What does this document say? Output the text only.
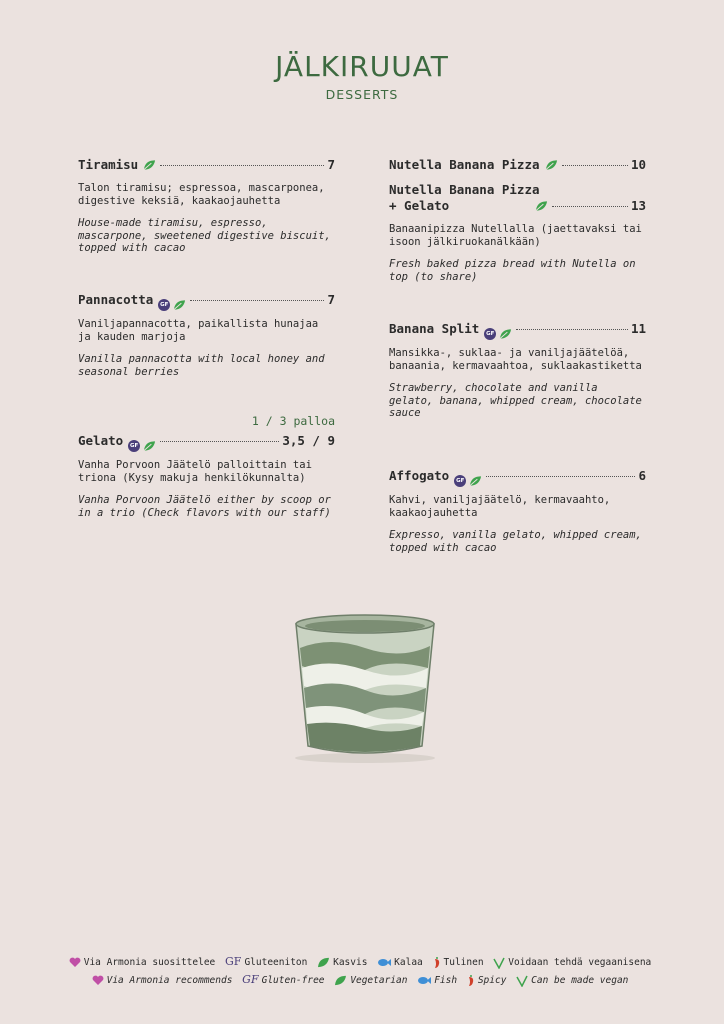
JÄLKIRUUAT
DESSERTS
Tiramisu	7
Talon tiramisu; espressoa, mascarponea, digestive keksiä, kaakaojauhetta
House-made tiramisu, espresso, mascarpone, sweetened digestive biscuit, topped with cacao
Pannacotta	GF	7
Vaniljapannacotta, paikallista hunajaa ja kauden marjoja
Vanilla pannacotta with local honey and seasonal berries
1 / 3 palloa
Gelato	GF	3,5 / 9
Vanha Porvoon Jäätelö palloittain tai triona (Kysy makuja henkilökunnalta)
Vanha Porvoon Jäätelö either by scoop or in a trio (Check flavors with our staff)
Nutella Banana Pizza	10
Nutella Banana Pizza
+ Gelato	13
Banaanipizza Nutellalla (jaettavaksi tai isoon jälkiruokanälkään)
Fresh baked pizza bread with Nutella on top (to share)
Banana Split	GF	11
Mansikka-, suklaa- ja vaniljajäätelöä, banaania, kermavaahtoa, suklaakastiketta
Strawberry, chocolate and vanilla gelato, banana, whipped cream, chocolate sauce
Affogato	GF	6
Kahvi, vaniljajäätelö, kermavaahto, kaakaojauhetta
Expresso, vanilla gelato, whipped cream, topped with cacao
Via Armonia suosittelee GF Gluteeniton	Kasvis	Kalaa Tulinen	Voidaan tehdä vegaanisena
Via Armonia recommends GF Gluten-free	Vegetarian	Fish Spicy	Can be made vegan
